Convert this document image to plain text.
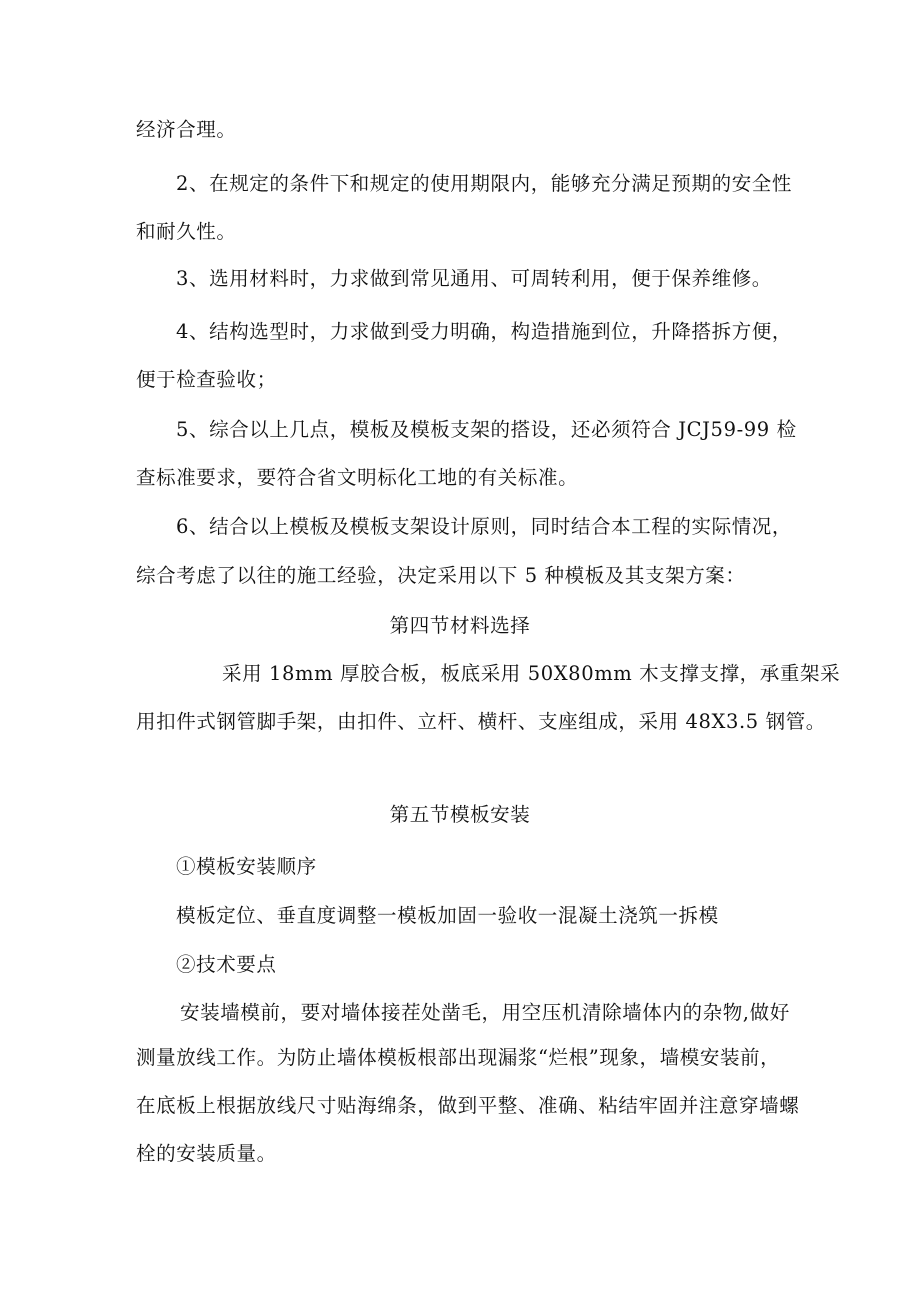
经济合理。
2、在规定的条件下和规定的使用期限内，能够充分满足预期的安全性
和耐久性。
3、选用材料时，力求做到常见通用、可周转利用，便于保养维修。
4、结构选型时，力求做到受力明确，构造措施到位，升降搭拆方便，
便于检查验收；
5、综合以上几点，模板及模板支架的搭设，还必须符合 JCJ59-99 检
查标准要求，要符合省文明标化工地的有关标准。
6、结合以上模板及模板支架设计原则，同时结合本工程的实际情况，
综合考虑了以往的施工经验，决定采用以下 5 种模板及其支架方案：
第四节材料选择
采用 18mm 厚胶合板，板底采用 50X80mm 木支撑支撑，承重架采
用扣件式钢管脚手架，由扣件、立杆、横杆、支座组成，采用 48X3.5 钢管。
第五节模板安装
①模板安装顺序
模板定位、垂直度调整一模板加固一验收一混凝土浇筑一拆模
②技术要点
安装墙模前，要对墙体接茬处凿毛，用空压机清除墙体内的杂物,做好
测量放线工作。为防止墙体模板根部出现漏浆“烂根”现象，墙模安装前，
在底板上根据放线尺寸贴海绵条，做到平整、准确、粘结牢固并注意穿墙螺
栓的安装质量。
